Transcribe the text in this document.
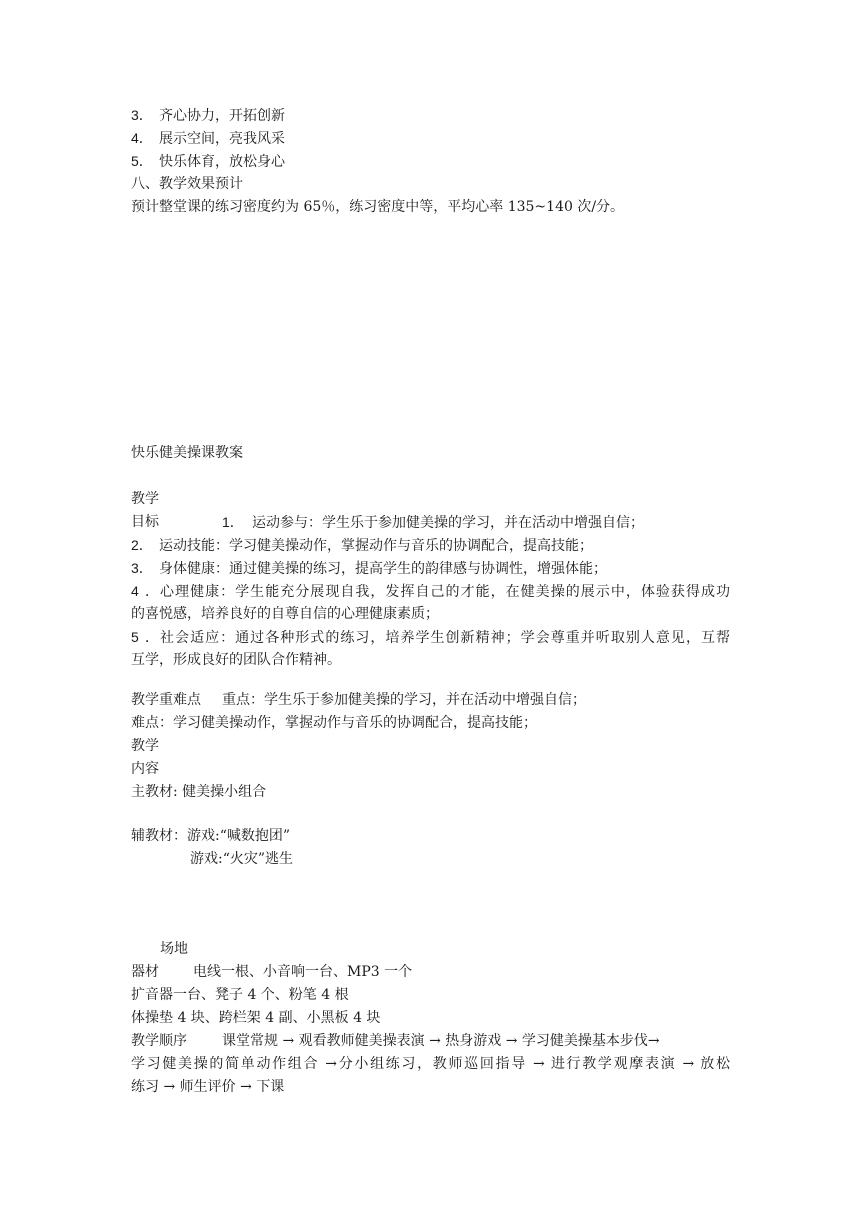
3． 齐心协力，开拓创新
4． 展示空间，亮我风采
5． 快乐体育，放松身心
八、教学效果预计
预计整堂课的练习密度约为 65％，练习密度中等，平均心率 135~140 次/分。
快乐健美操课教案
教学
目标	1． 运动参与：学生乐于参加健美操的学习，并在活动中增强自信；
2． 运动技能：学习健美操动作，掌握动作与音乐的协调配合，提高技能；
3． 身体健康：通过健美操的练习，提高学生的韵律感与协调性，增强体能；
4．心理健康：学生能充分展现自我，发挥自己的才能，在健美操的展示中，体验获得成功
的喜悦感，培养良好的自尊自信的心理健康素质；
5．社会适应：通过各种形式的练习，培养学生创新精神；学会尊重并听取别人意见，互帮
互学，形成良好的团队合作精神。
教学重难点 重点：学生乐于参加健美操的学习，并在活动中增强自信；
难点：学习健美操动作，掌握动作与音乐的协调配合，提高技能；
教学
内容
主教材: 健美操小组合
辅教材：游戏:“喊数抱团”
游戏:“火灾”逃生
场地
器材 电线一根、小音响一台、MP3 一个
扩音器一台、凳子 4 个、粉笔 4 根
体操垫 4 块、跨栏架 4 副、小黑板 4 块
教学顺序	课堂常规 → 观看教师健美操表演 → 热身游戏 → 学习健美操基本步伐→
学习健美操的简单动作组合 →分小组练习，教师巡回指导 → 进行教学观摩表演 → 放松
练习 → 师生评价 → 下课
